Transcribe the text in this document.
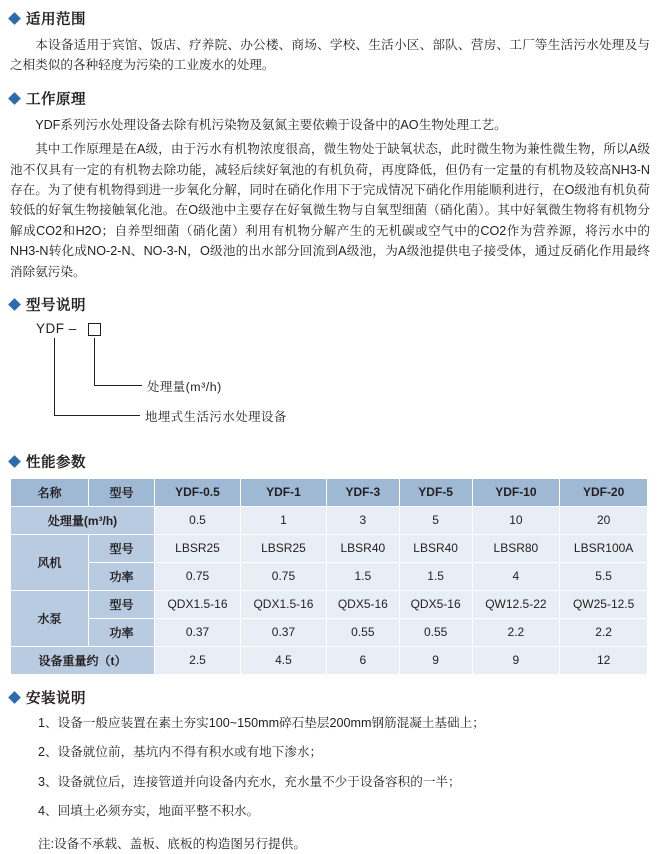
适用范围

本设备适用于宾馆、饭店、疗养院、办公楼、商场、学校、生活小区、部队、营房、工厂等生活污水处理及与之相类似的各种轻度为污染的工业废水的处理。

工作原理

YDF系列污水处理设备去除有机污染物及氨氮主要依赖于设备中的AO生物处理工艺。

其中工作原理是在A级，由于污水有机物浓度很高，微生物处于缺氧状态，此时微生物为兼性微生物，所以A级池不仅具有一定的有机物去除功能，减轻后续好氧池的有机负荷，再度降低，但仍有一定量的有机物及较高NH3-N存在。为了使有机物得到进一步氧化分解，同时在硝化作用下于完成情况下硝化作用能顺利进行，在O级池有机负荷较低的好氧生物接触氧化池。在O级池中主要存在好氧微生物与自氧型细菌（硝化菌）。其中好氧微生物将有机物分解成CO2和H2O；自养型细菌（硝化菌）利用有机物分解产生的无机碳或空气中的CO2作为营养源，将污水中的NH3-N转化成NO-2-N、NO-3-N，O级池的出水部分回流到A级池，为A级池提供电子接受体，通过反硝化作用最终消除氨污染。

型号说明
YDF –
处理量(m³/h)
地埋式生活污水处理设备
性能参数
名称	型号	YDF-0.5	YDF-1	YDF-3	YDF-5	YDF-10	YDF-20
处理量(m³/h)		0.5	1	3	5	10	20
风机	型号	LBSR25	LBSR25	LBSR40	LBSR40	LBSR80	LBSR100A
	功率	0.75	0.75	1.5	1.5	4	5.5
水泵	型号	QDX1.5-16	QDX1.5-16	QDX5-16	QDX5-16	QW12.5-22	QW25-12.5
	功率	0.37	0.37	0.55	0.55	2.2	2.2
设备重量约（t）		2.5	4.5	6	9	9	12
安装说明

1、设备一般应装置在素土夯实100~150mm碎石垫层200mm钢筋混凝土基础上；

2、设备就位前，基坑内不得有积水或有地下渗水；

3、设备就位后，连接管道并向设备内充水，充水量不少于设备容积的一半；

4、回填土必须夯实，地面平整不积水。

注:设备不承载、盖板、底板的构造图另行提供。
